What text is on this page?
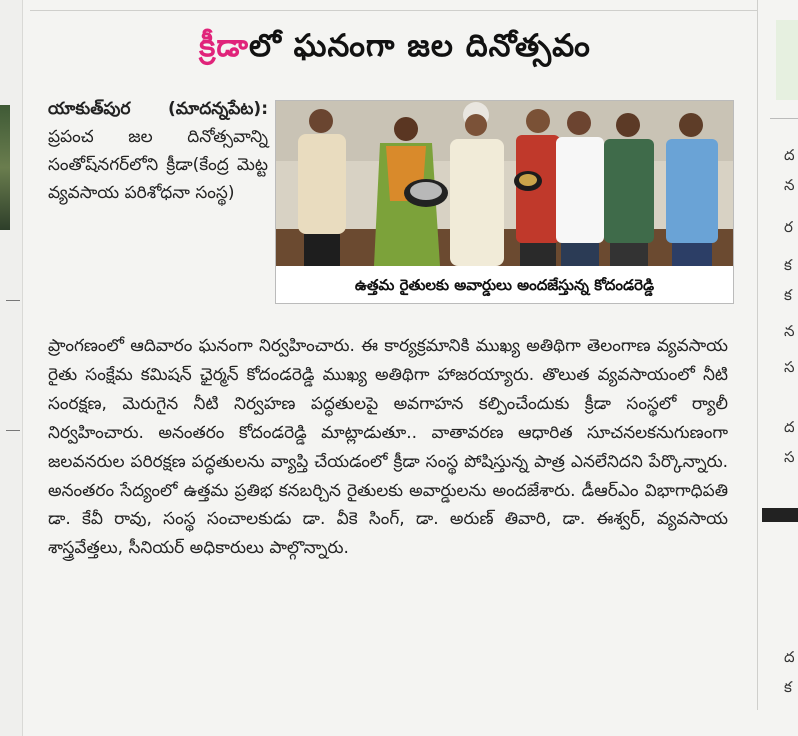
క్రీడాలో ఘనంగా జల దినోత్సవం
యాకుత్‌పుర (మాదన్నపేట): ప్రపంచ జల దినోత్సవాన్ని సంతోష్‌నగర్‌లోని క్రీడా(కేంద్ర మెట్ట వ్యవసాయ పరిశోధనా సంస్థ)
ఉత్తమ రైతులకు అవార్డులు అందజేస్తున్న కోదండరెడ్డి
ప్రాంగణంలో ఆదివారం ఘనంగా నిర్వహించారు. ఈ కార్యక్రమానికి ముఖ్య అతిథిగా తెలంగాణ వ్యవసాయ రైతు సంక్షేమ కమిషన్ ఛైర్మన్ కోదండరెడ్డి ముఖ్య అతిథిగా హాజరయ్యారు. తొలుత వ్యవసాయంలో నీటి సంరక్షణ, మెరుగైన నీటి నిర్వహణ పద్ధతులపై అవగాహన కల్పించేందుకు క్రీడా సంస్థలో ర్యాలీ నిర్వహించారు. అనంతరం కోదండరెడ్డి మాట్లాడుతూ.. వాతావరణ ఆధారిత సూచనలకనుగుణంగా జలవనరుల పరిరక్షణ పద్ధతులను వ్యాప్తి చేయడంలో క్రీడా సంస్థ పోషిస్తున్న పాత్ర ఎనలేనిదని పేర్కొన్నారు. అనంతరం సేద్యంలో ఉత్తమ ప్రతిభ కనబర్చిన రైతులకు అవార్డులను అందజేశారు. డీఆర్‌ఎం విభాగాధిపతి డా. కేవీ రావు, సంస్థ సంచాలకుడు డా. వీకె సింగ్, డా. అరుణ్ తివారి, డా. ఈశ్వర్, వ్యవసాయ శాస్త్రవేత్తలు, సీనియర్ అధికారులు పాల్గొన్నారు.
ద
న
ర
క
క
న
స
ద
స
ద
క
